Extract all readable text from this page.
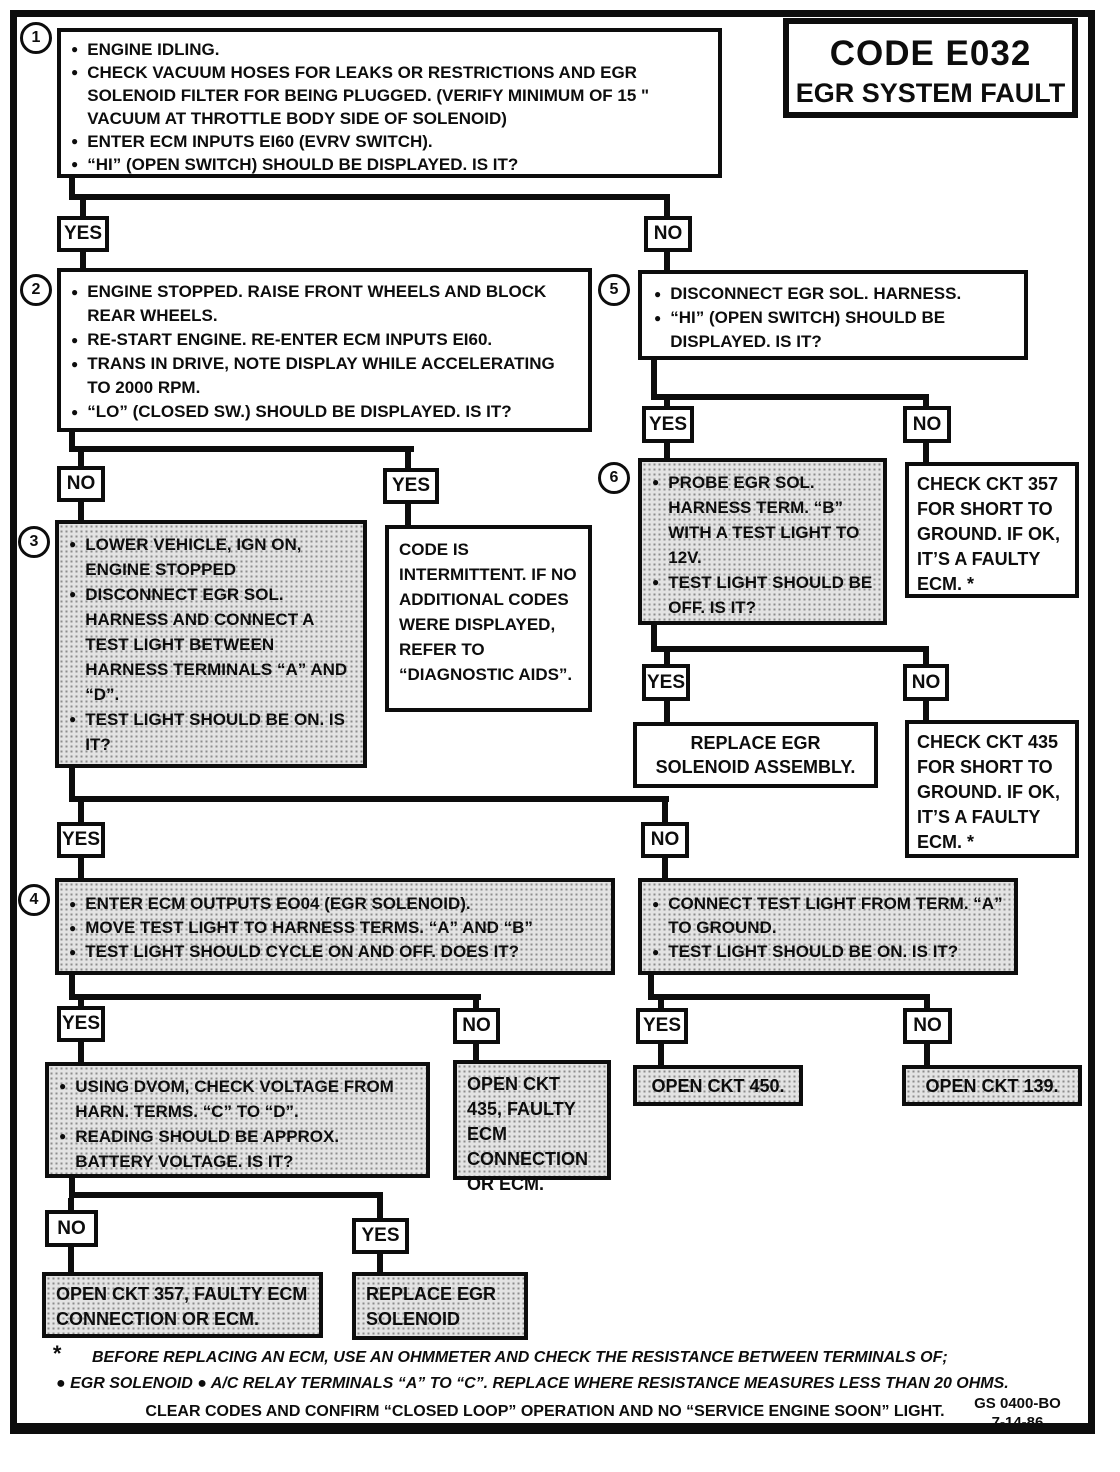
CODE E032
EGR SYSTEM FAULT
1
2
3
4
5
6
● ENGINE IDLING.
● CHECK VACUUM HOSES FOR LEAKS OR RESTRICTIONS AND EGR SOLENOID FILTER FOR BEING PLUGGED. (VERIFY MINIMUM OF 15 " VACUUM AT THROTTLE BODY SIDE OF SOLENOID)
● ENTER ECM INPUTS EI60 (EVRV SWITCH).
● “HI” (OPEN SWITCH) SHOULD BE DISPLAYED. IS IT?
YES	NO
● ENGINE STOPPED. RAISE FRONT WHEELS AND BLOCK REAR WHEELS.
● RE-START ENGINE. RE-ENTER ECM INPUTS EI60.
● TRANS IN DRIVE, NOTE DISPLAY WHILE ACCELERATING TO 2000 RPM.
● “LO” (CLOSED SW.) SHOULD BE DISPLAYED. IS IT?
NO	YES
● LOWER VEHICLE, IGN ON, ENGINE STOPPED
● DISCONNECT EGR SOL. HARNESS AND CONNECT A TEST LIGHT BETWEEN HARNESS TERMINALS “A” AND “D”.
● TEST LIGHT SHOULD BE ON. IS IT?
CODE IS INTERMITTENT. IF NO ADDITIONAL CODES WERE DISPLAYED, REFER TO “DIAGNOSTIC AIDS”.
YES	NO
● ENTER ECM OUTPUTS EO04 (EGR SOLENOID).
● MOVE TEST LIGHT TO HARNESS TERMS. “A” AND “B”
● TEST LIGHT SHOULD CYCLE ON AND OFF. DOES IT?
● CONNECT TEST LIGHT FROM TERM. “A” TO GROUND.
● TEST LIGHT SHOULD BE ON. IS IT?
YES	NO	YES	NO
● USING DVOM, CHECK VOLTAGE FROM HARN. TERMS. “C” TO “D”.
● READING SHOULD BE APPROX. BATTERY VOLTAGE. IS IT?
OPEN CKT 435, FAULTY ECM CONNECTION OR ECM.
OPEN CKT 450.	OPEN CKT 139.
NO	YES
OPEN CKT 357, FAULTY ECM CONNECTION OR ECM.
REPLACE EGR SOLENOID
● DISCONNECT EGR SOL. HARNESS.
● “HI” (OPEN SWITCH) SHOULD BE DISPLAYED. IS IT?
YES	NO
● PROBE EGR SOL. HARNESS TERM. “B” WITH A TEST LIGHT TO 12V.
● TEST LIGHT SHOULD BE OFF. IS IT?
CHECK CKT 357 FOR SHORT TO GROUND. IF OK, IT’S A FAULTY ECM. *
YES	NO
REPLACE EGR SOLENOID ASSEMBLY.
CHECK CKT 435 FOR SHORT TO GROUND. IF OK, IT’S A FAULTY ECM. *
* BEFORE REPLACING AN ECM, USE AN OHMMETER AND CHECK THE RESISTANCE BETWEEN TERMINALS OF;
● EGR SOLENOID ● A/C RELAY TERMINALS “A” TO “C”. REPLACE WHERE RESISTANCE MEASURES LESS THAN 20 OHMS.
CLEAR CODES AND CONFIRM “CLOSED LOOP” OPERATION AND NO “SERVICE ENGINE SOON” LIGHT.	GS 0400-BO
7-14-86
